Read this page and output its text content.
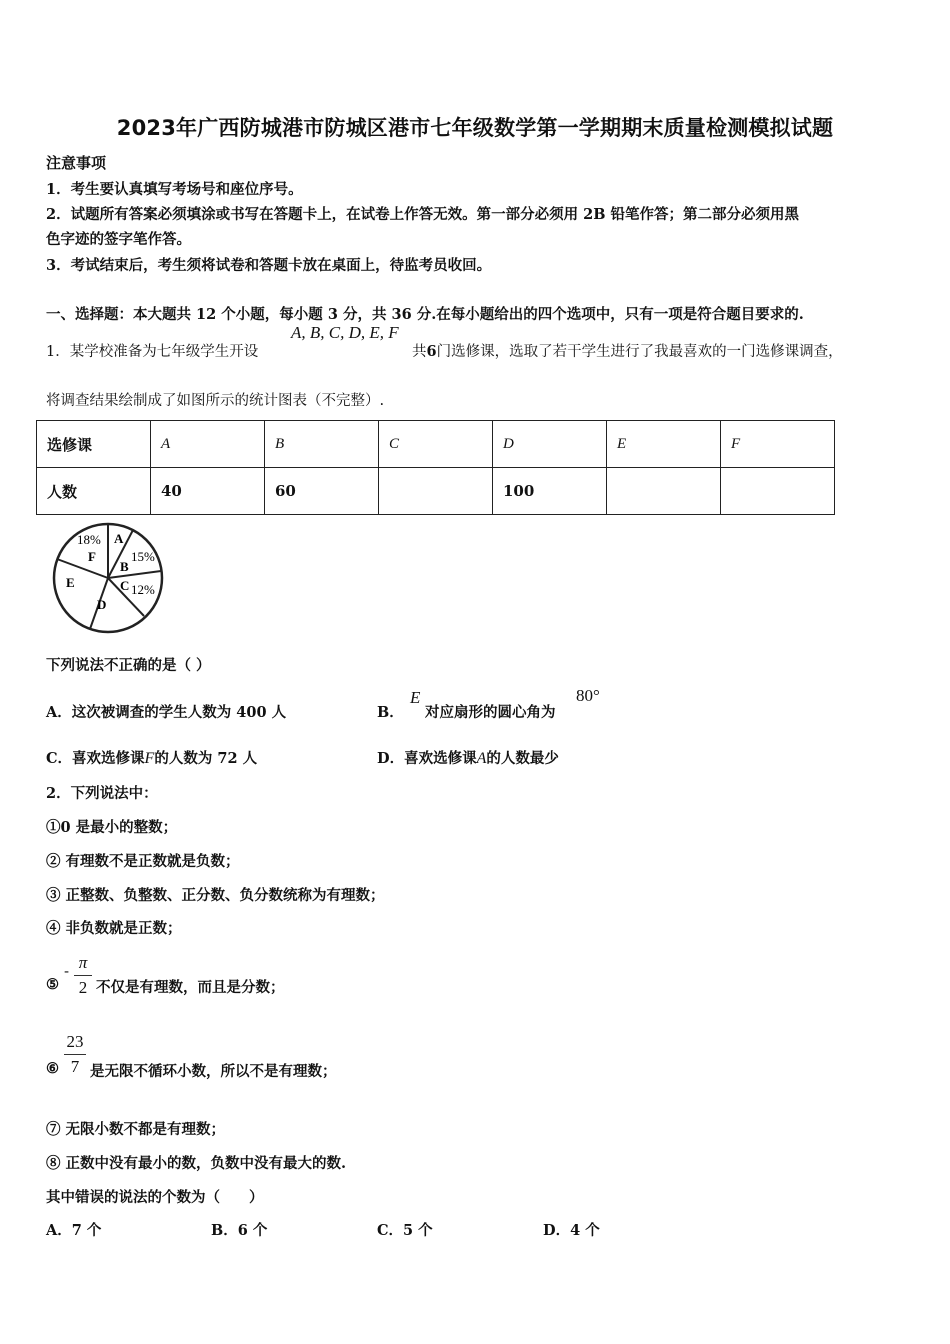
2023年广西防城港市防城区港市七年级数学第一学期期末质量检测模拟试题
注意事项
1．考生要认真填写考场号和座位序号。
2．试题所有答案必须填涂或书写在答题卡上，在试卷上作答无效。第一部分必须用 2B 铅笔作答；第二部分必须用黑
色字迹的签字笔作答。
3．考试结束后，考生须将试卷和答题卡放在桌面上，待监考员收回。
一、选择题：本大题共 12 个小题，每小题 3 分，共 36 分.在每小题给出的四个选项中，只有一项是符合题目要求的.
1．某学校准备为七年级学生开设
A, B, C, D, E, F
共6门选修课，选取了若干学生进行了我最喜欢的一门选修课调查，
将调查结果绘制成了如图所示的统计图表（不完整）.
选修课	A	B	C	D	E	F
人数	40	60		100		
18%
F
A
15%
B
C 12%
D
E
下列说法不正确的是（ ）
A．这次被调查的学生人数为 400 人	B．
E
对应扇形的圆心角为
80°
C．喜欢选修课F的人数为 72 人	D．喜欢选修课A的人数最少
2．下列说法中：
①0 是最小的整数；
② 有理数不是正数就是负数；
③ 正整数、负整数、正分数、负分数统称为有理数；
④ 非负数就是正数；
⑤
- π
2 不仅是有理数，而且是分数；
⑥
23
7 是无限不循环小数，所以不是有理数；
⑦ 无限小数不都是有理数；
⑧ 正数中没有最小的数，负数中没有最大的数.
其中错误的说法的个数为（　　）
A．7 个	B．6 个	C．5 个	D．4 个
